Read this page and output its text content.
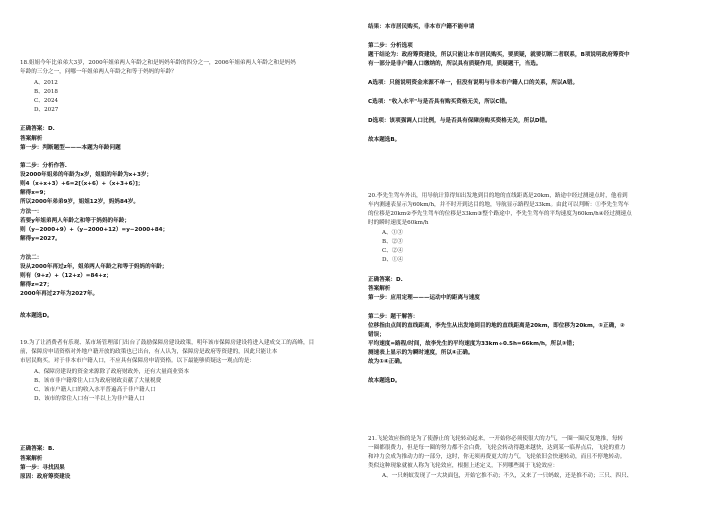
18.姐姐今年比弟弟大3岁，2000年姐弟两人年龄之和是妈妈年龄的四分之一，2006年姐弟两人年龄之和是妈妈
年龄的三分之一，问哪一年姐弟两人年龄之和等于妈妈的年龄？
A、2012
B、2018
C、2024
D、2027
正确答案：D.
答案解析
第一步：判断题型———本题为年龄问题
第二步：分析作答.
设2000年姐弟的年龄为x岁，姐姐的年龄为x+3岁；
则4（x+x+3）+6=2[（x+6）+（x+3+6）]；
解得x=9；
所以2000年弟弟9岁，姐姐12岁，妈妈84岁。
方法一：
若要y年姐弟两人年龄之和等于妈妈的年龄；
则（y−2000+9）+（y−2000+12）=y−2000+84；
解得y=2027。
方法二：
设从2000年再过z年，姐弟两人年龄之和等于妈妈的年龄；
则有（9+z）+（12+z）=84+z；
解得z=27；
2000年再过27年为2027年。
故本题选D。
19.为了让消费者有乐观、某市场管理部门出台了鼓励保障房建设政策，明年该市保障房建设将进入建成交工的高峰，目
前，保障房申请资格对外地户籍开放的政策也已出台，有人认为，保障房是政府等资建的，因此只能让本
市居民购买。对于非本市户籍人口，不应具有保障房申请资格。以下最能够质疑这一观点的是：
A、保障房建设的资金来源除了政府财政外，还有大量商业资本
B、该市非户籍常住人口为政府财政贡献了大量税费
C、该市户籍人口的收入水平普遍高于非户籍人口
D、该市的常住人口有一半以上为非户籍人口
正确答案：B.
答案解析
第一步：寻找因果
原因：政府筹资建设
结果：本市居民购买，非本市户籍不能申请
第二步：分析选项
题干结论为：政府筹资建设，所以只能让本市居民购买，要质疑，就要切断二者联系，B项说明政府筹资中
有一部分是非户籍人口缴纳的，所以具有质疑作用，质疑题干，当选。
A选项：只能说明资金来源不单一，但没有说明与非本市户籍人口的关系，所以A错。
C选项："收入水平"与是否具有购买资格无关，所以C错。
D选项：该项强调人口比例，与是否具有保障房购买资格无关，所以D错。
故本题选B。
20.李先生驾车外出，用导航计算得知出发地到目的地的直线距离是20km，路途中经过测速点时，他看到
车内测速表显示为60km/h，并不时开到达目的地，导航显示路程是33km。由此可以判断：①李先生驾车
的位移是20km②李先生驾车的位移是33km③整个路途中，李先生驾车的平均速度为60km/h④经过测速点
时的瞬时速度是60km/h
A、①③
B、②③
C、②④
D、①④
正确答案：D.
答案解析
第一步：应用定理———运动中的距离与速度
第二步：题干解答：
位移指由点间的直线距离，李先生从出发地到目的地的直线距离是20km，即位移为20km，①正确，②
错误；
平均速度=路程/时间，故李先生的平均速度为33km÷0.5h=66km/h，所以③错；
测速表上显示的为瞬时速度，所以④正确。
故为①④正确。
故本题选D。
21.飞轮效应指的是为了使静止的飞轮转动起来，一开始你必须使很大的力气，一圈一圈反复地推，每转
一圈都很费力，但是每一圈的努力都不会白费，飞轮会转动得越来越快，达到某一临界点后，飞轮的重力
和冲力会成为推动力的一部分，这时，你无须再费更大的力气，飞轮依旧会快速转动，而且不停地转动。
类似这种现象就被人称为飞轮效应，根据上述定义，下列哪些属于飞轮效应：
A、一只蚂蚁发现了一大块面包，开始它推不动；不久，又来了一只蚂蚁，还是推不动；三只、四只、
